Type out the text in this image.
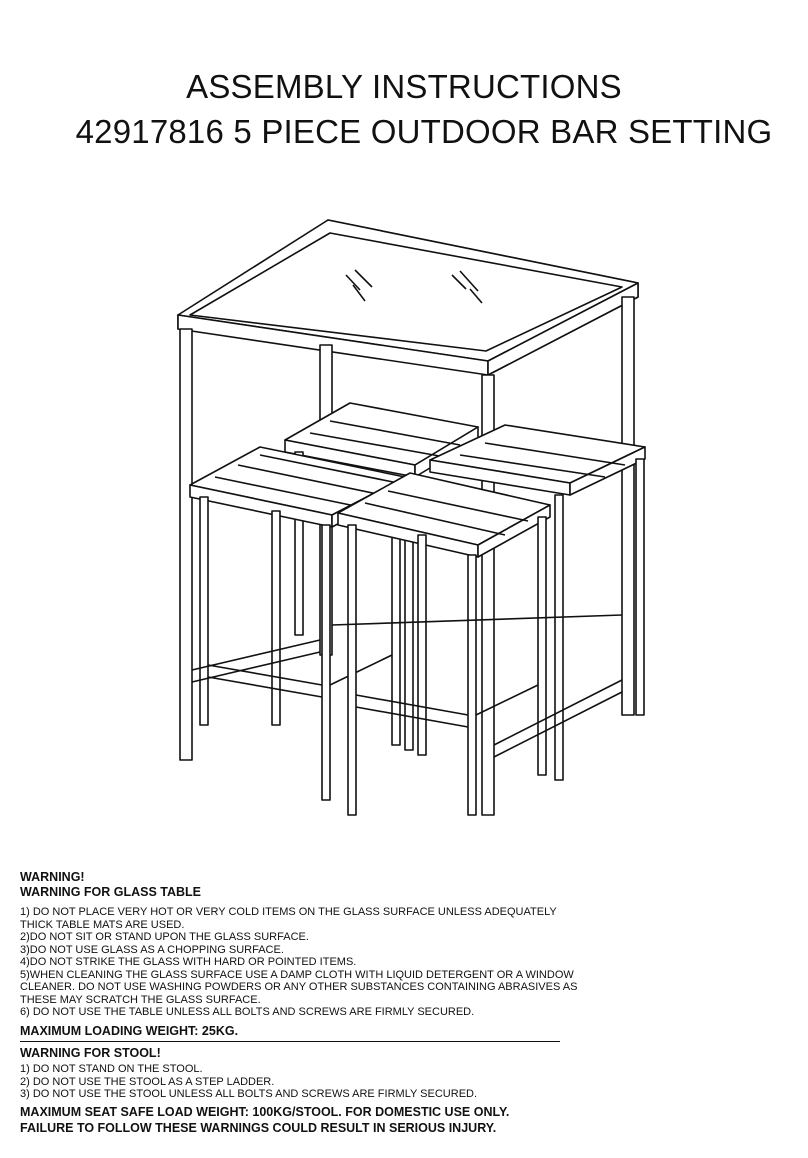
ASSEMBLY INSTRUCTIONS
42917816 5 PIECE OUTDOOR BAR SETTING
WARNING!
WARNING FOR GLASS TABLE
1) DO NOT PLACE VERY HOT OR VERY COLD ITEMS ON THE GLASS SURFACE UNLESS ADEQUATELY
THICK TABLE MATS ARE USED.
2)DO NOT SIT OR STAND UPON THE GLASS SURFACE.
3)DO NOT USE GLASS AS A CHOPPING SURFACE.
4)DO NOT STRIKE THE GLASS WITH HARD OR POINTED ITEMS.
5)WHEN CLEANING THE GLASS SURFACE USE A DAMP CLOTH WITH LIQUID DETERGENT OR A WINDOW
CLEANER. DO NOT USE WASHING POWDERS OR ANY OTHER SUBSTANCES CONTAINING ABRASIVES AS
THESE MAY SCRATCH THE GLASS SURFACE.
6) DO NOT USE THE TABLE UNLESS ALL BOLTS AND SCREWS ARE FIRMLY SECURED.
MAXIMUM LOADING WEIGHT: 25KG.
WARNING FOR STOOL!
1) DO NOT STAND ON THE STOOL.
2) DO NOT USE THE STOOL AS A STEP LADDER.
3) DO NOT USE THE STOOL UNLESS ALL BOLTS AND SCREWS ARE FIRMLY SECURED.
MAXIMUM SEAT SAFE LOAD WEIGHT: 100KG/STOOL. FOR DOMESTIC USE ONLY.
FAILURE TO FOLLOW THESE WARNINGS COULD RESULT IN SERIOUS INJURY.
